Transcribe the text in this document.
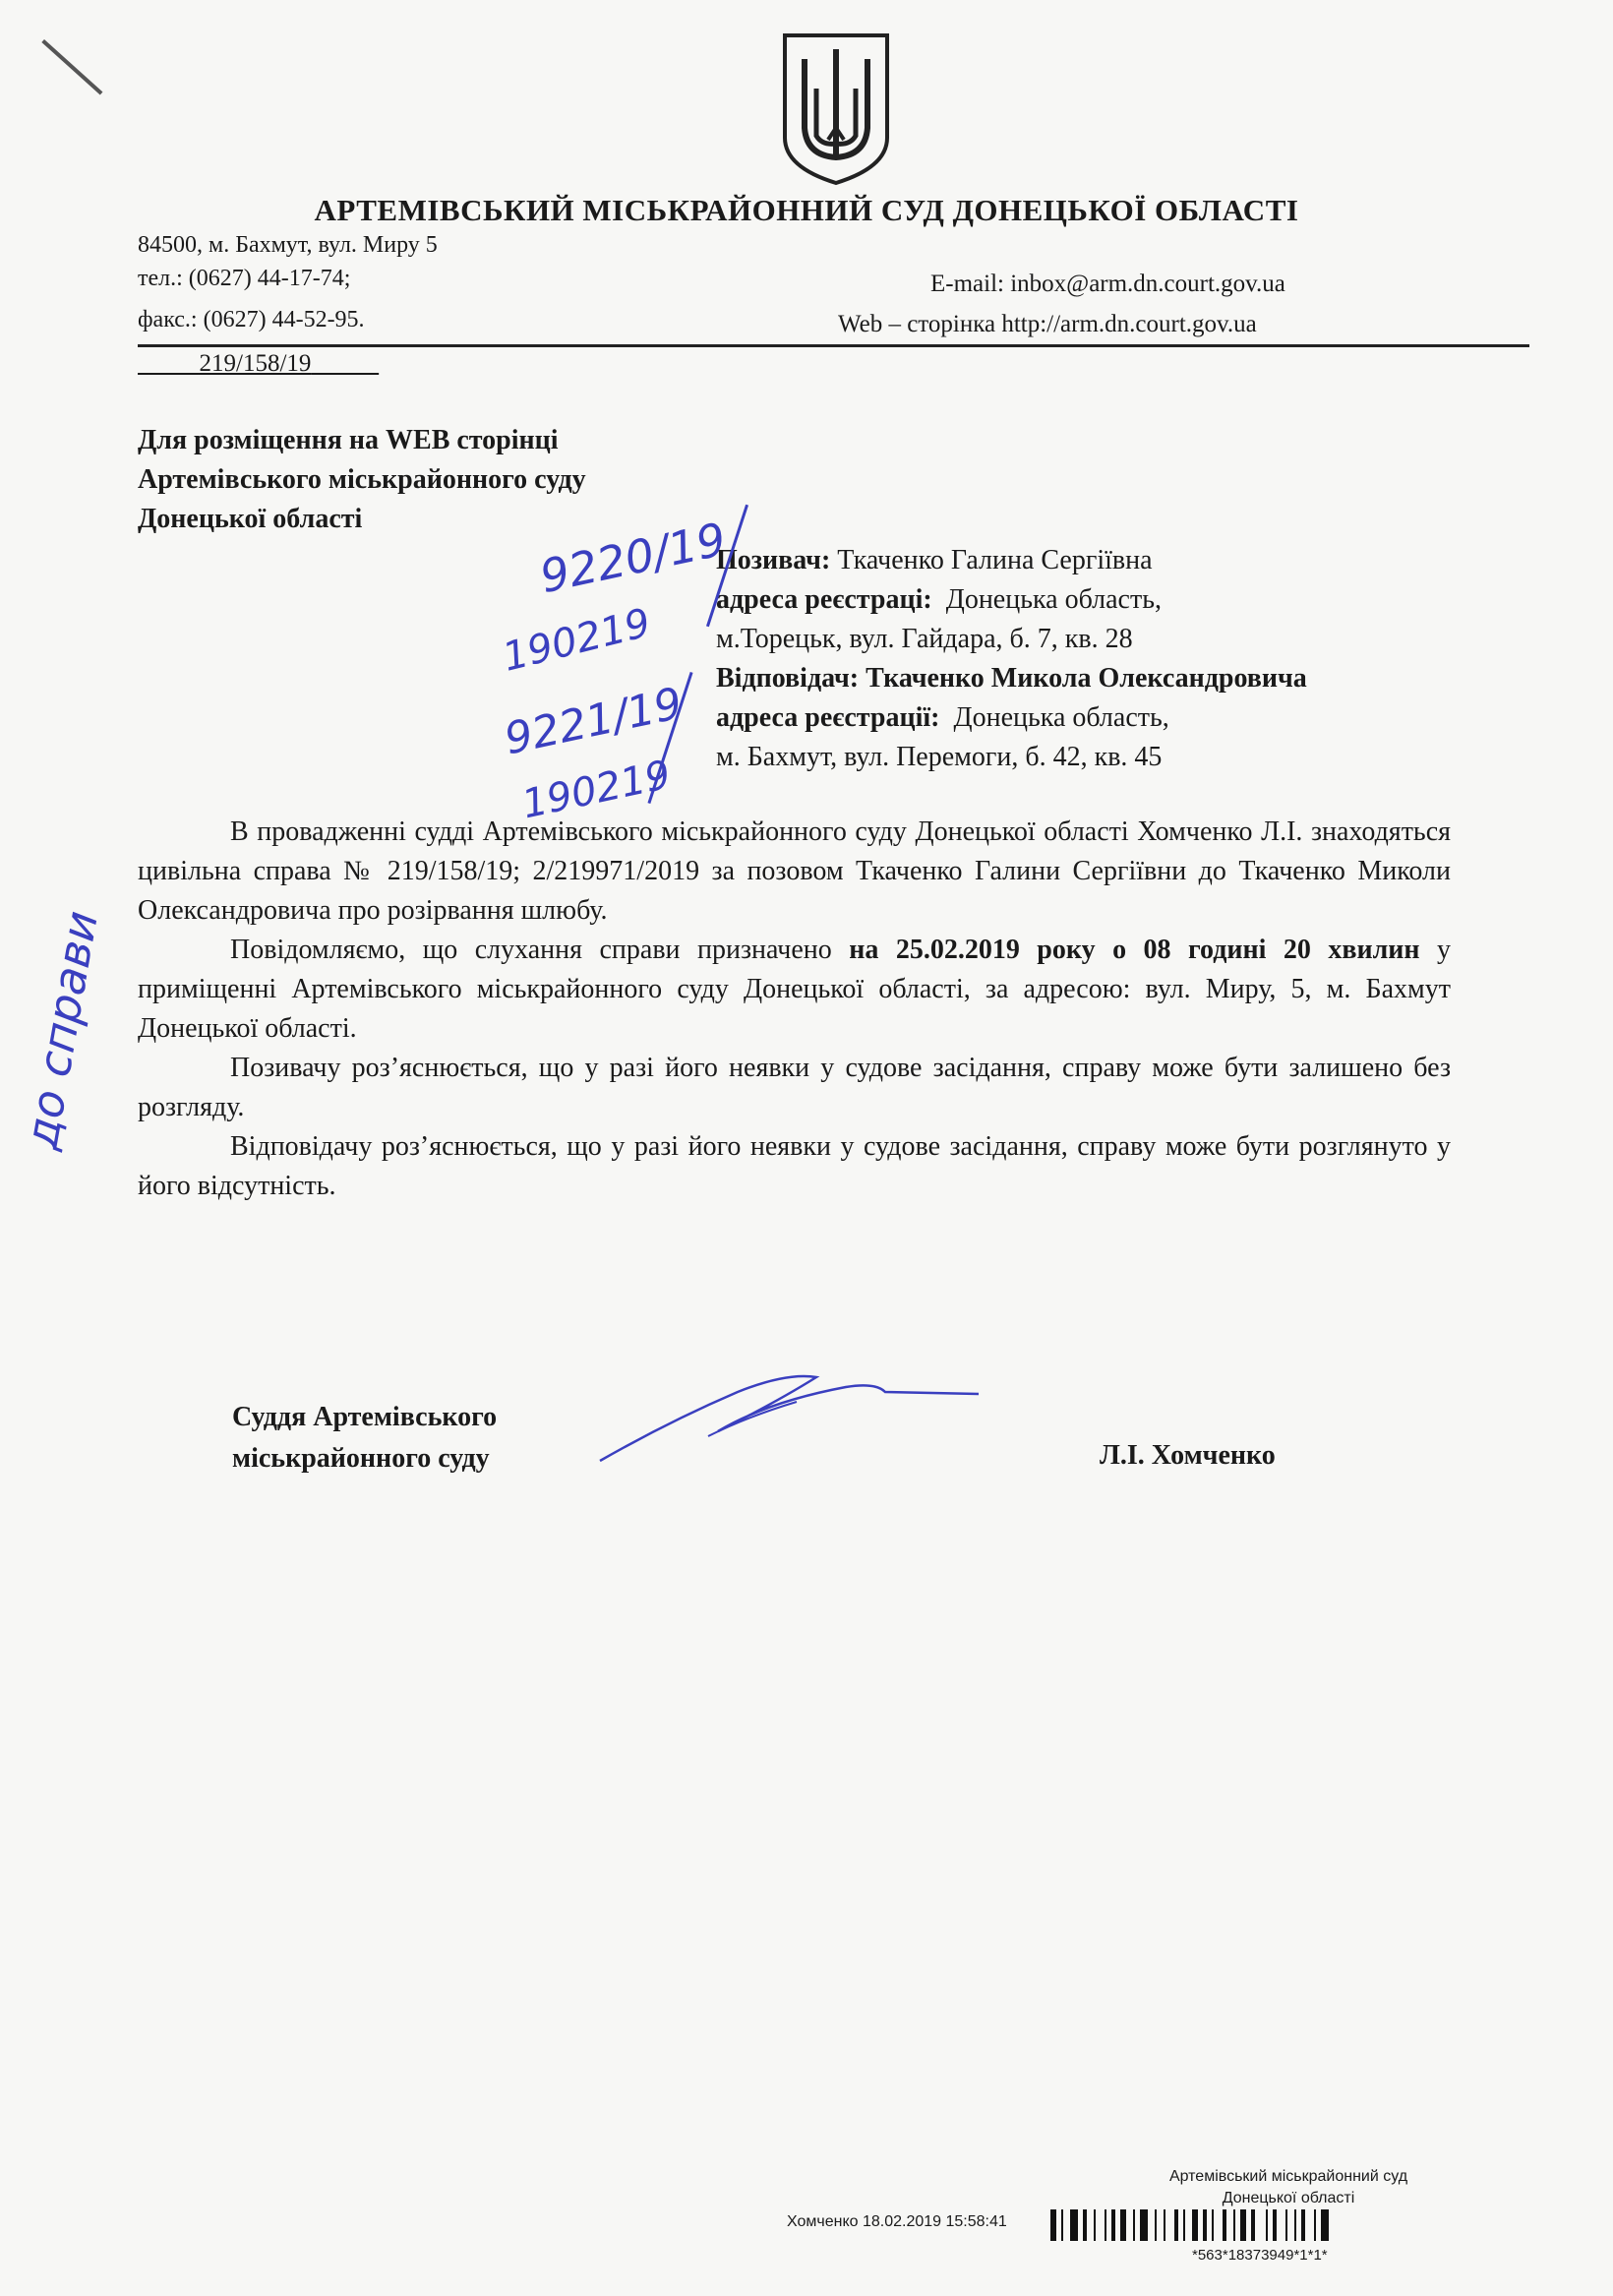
АРТЕМІВСЬКИЙ МІСЬКРАЙОННИЙ СУД ДОНЕЦЬКОЇ ОБЛАСТІ
84500, м. Бахмут, вул. Миру 5
тел.: (0627) 44-17-74;
факс.: (0627) 44-52-95.
E-mail: inbox@arm.dn.court.gov.ua
Web – сторінка http://arm.dn.court.gov.ua
219/158/19
Для розміщення на WEB сторінці
Артемівського міськрайонного суду
Донецької області
Позивач: Ткаченко Галина Сергіївна
адреса реєстраці: Донецька область,
м.Торецьк, вул. Гайдара, б. 7, кв. 28
Відповідач: Ткаченко Микола Олександровича
адреса реєстрації: Донецька область,
м. Бахмут, вул. Перемоги, б. 42, кв. 45
9220/19
190219
9221/19
190219
до справи

В провадженні судді Артемівського міськрайонного суду Донецької області Хомченко Л.І. знаходяться цивільна справа № 219/158/19; 2/219971/2019 за позовом Ткаченко Галини Сергіївни до Ткаченко Миколи Олександровича про розірвання шлюбу.

Повідомляємо, що слухання справи призначено на 25.02.2019 року о 08 годині 20 хвилин у приміщенні Артемівського міськрайонного суду Донецької області, за адресою: вул. Миру, 5, м. Бахмут Донецької області.

Позивачу роз’яснюється, що у разі його неявки у судове засідання, справу може бути залишено без розгляду.

Відповідачу роз’яснюється, що у разі його неявки у судове засідання, справу може бути розглянуто у його відсутність.

Суддя Артемівського
міськрайонного суду	Л.І. Хомченко
Артемівський міськрайонний суд
Донецької області
Хомченко 18.02.2019 15:58:41
*563*18373949*1*1*
